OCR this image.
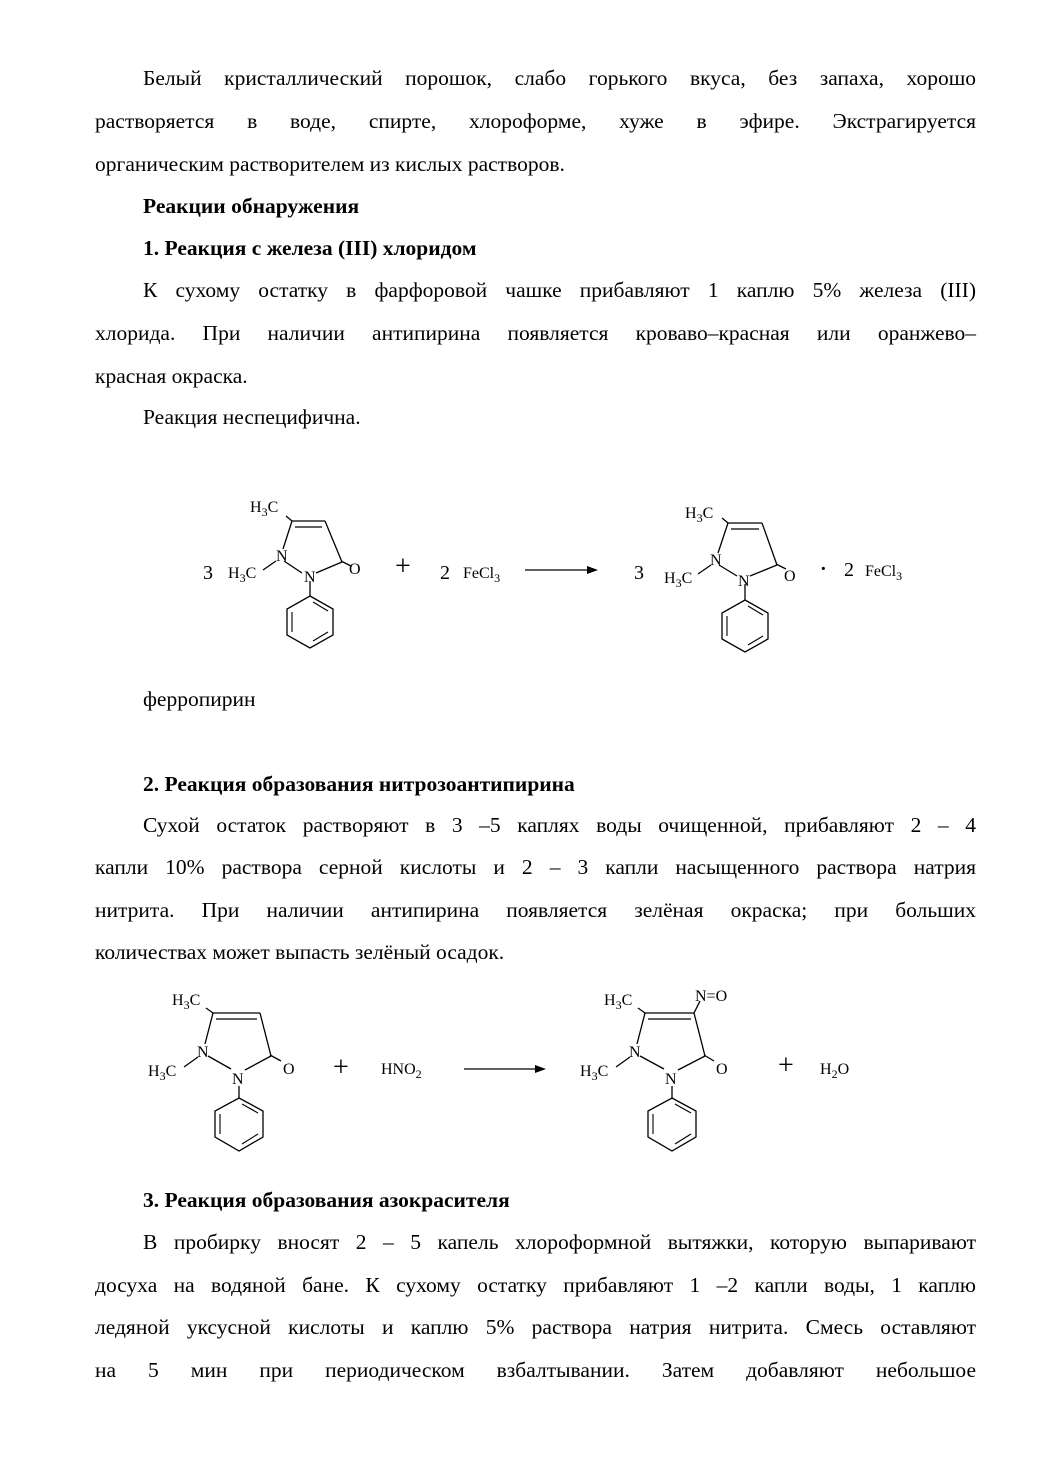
Белый кристаллический порошок, слабо горького вкуса, без запаха, хорошо

растворяется в воде, спирте, хлороформе, хуже в эфире. Экстрагируется

органическим растворителем из кислых растворов.

Реакции обнаружения

1. Реакция с железа (III) хлоридом

К сухому остатку в фарфоровой чашке прибавляют 1 каплю 5% железа (III)

хлорида. При наличии антипирина появляется кроваво–красная или оранжево–

красная окраска.

Реакция неспецифична.

3
$H_3C$
N
$H_3C$	N O + 2 FeCl$_3$	3
$H_3C$
N
$H_3C$	N O · 2 FeCl$_3$

ферропирин

2. Реакция образования нитрозоантипирина

Сухой остаток растворяют в 3 –5 каплях воды очищенной, прибавляют 2 – 4

капли 10% раствора серной кислоты и 2 – 3 капли насыщенного раствора натрия

нитрита. При наличии антипирина появляется зелёная окраска; при больших

количествах может выпасть зелёный осадок.

$H_3C$
N
$H_3C$	N
$O + HNO_2$
$H_3C$	N=O
N
$H_3C$	N
$O + H_2O$

3. Реакция образования азокрасителя

В пробирку вносят 2 – 5 капель хлороформной вытяжки, которую выпаривают

досуха на водяной бане. К сухому остатку прибавляют 1 –2 капли воды, 1 каплю

ледяной уксусной кислоты и каплю 5% раствора натрия нитрита. Смесь оставляют

на 5 мин при периодическом взбалтывании. Затем добавляют небольшое
